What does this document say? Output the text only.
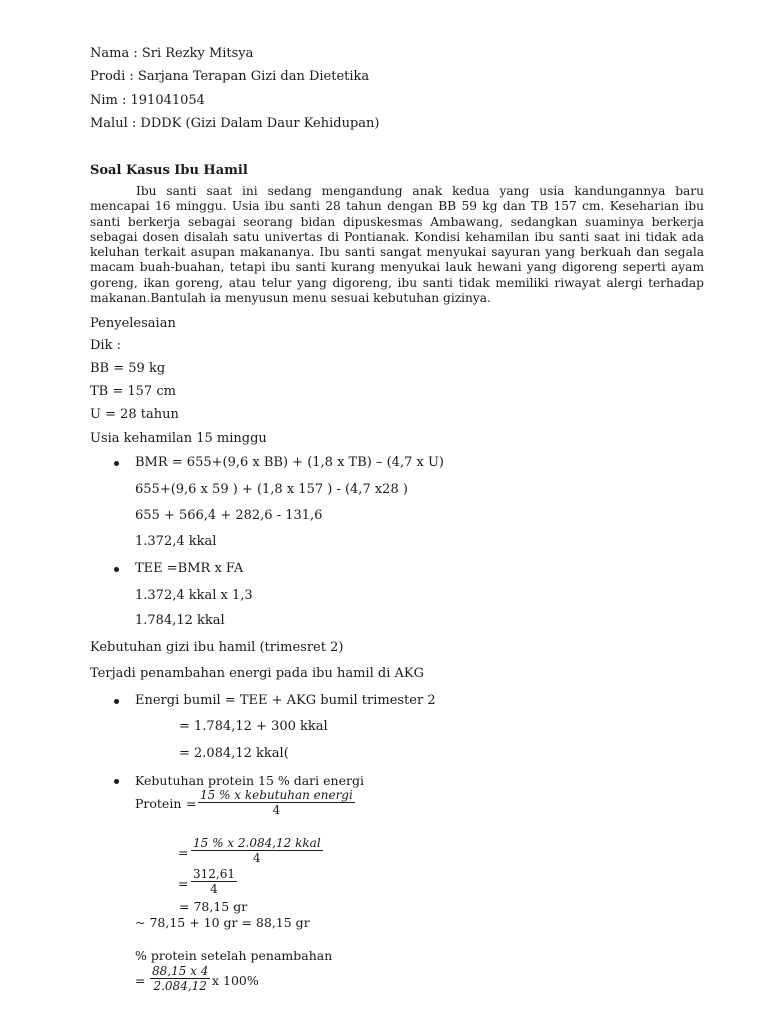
Nama : Sri Rezky Mitsya
Prodi : Sarjana Terapan Gizi dan Dietetika
Nim : 191041054
Malul : DDDK (Gizi Dalam Daur Kehidupan)
Soal Kasus Ibu Hamil
Ibu santi saat ini sedang mengandung anak kedua yang usia kandungannya baru
mencapai 16 minggu. Usia ibu santi 28 tahun dengan BB 59 kg dan TB 157 cm. Keseharian ibu
santi berkerja sebagai seorang bidan dipuskesmas Ambawang, sedangkan suaminya berkerja
sebagai dosen disalah satu univertas di Pontianak. Kondisi kehamilan ibu santi saat ini tidak ada
keluhan terkait asupan makananya. Ibu santi sangat menyukai sayuran yang berkuah dan segala
macam buah-buahan, tetapi ibu santi kurang menyukai lauk hewani yang digoreng seperti ayam
goreng, ikan goreng, atau telur yang digoreng, ibu santi tidak memiliki riwayat alergi terhadap
makanan.Bantulah ia menyusun menu sesuai kebutuhan gizinya.
Penyelesaian
Dik :
BB = 59 kg
TB = 157 cm
U = 28 tahun
Usia kehamilan 15 minggu
BMR = 655+(9,6 x BB) + (1,8 x TB) – (4,7 x U)
655+(9,6 x 59 ) + (1,8 x 157 ) - (4,7 x28 )
655 + 566,4 + 282,6 - 131,6
1.372,4 kkal
TEE =BMR x FA
1.372,4 kkal x 1,3
1.784,12 kkal
Kebutuhan gizi ibu hamil (trimesret 2)
Terjadi penambahan energi pada ibu hamil di AKG
Energi bumil = TEE + AKG bumil trimester 2
= 1.784,12 + 300 kkal
= 2.084,12 kkal(
Kebutuhan protein 15 % dari energi
Protein =
15 % x kebutuhan energi
4
=
15 % x 2.084,12 kkal
4
= $\frac{312,61}{4}$
= 78,15 gr
~ 78,15 + 10 gr = 88,15 gr
% protein setelah penambahan
= $\frac{88,15 x 4}{2.084,12}$ x 100%
